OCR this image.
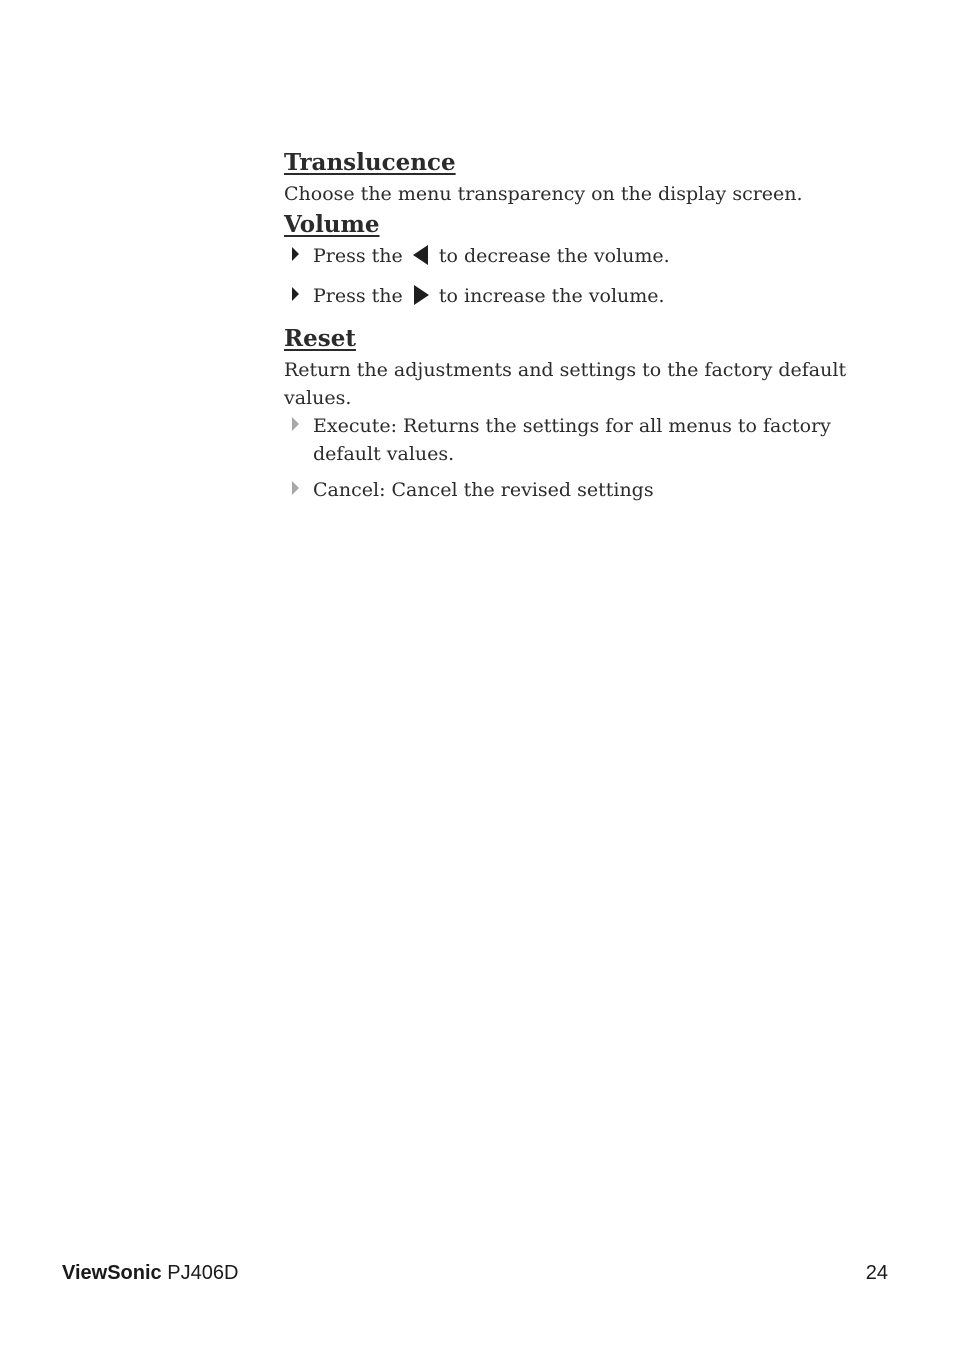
Translucence

Choose the menu transparency on the display screen.

Volume
Press the to decrease the volume.
Press the to increase the volume.
Reset

Return the adjustments and settings to the factory default values.

Execute: Returns the settings for all menus to factory default values.
Cancel: Cancel the revised settings
ViewSonic PJ406D	24
